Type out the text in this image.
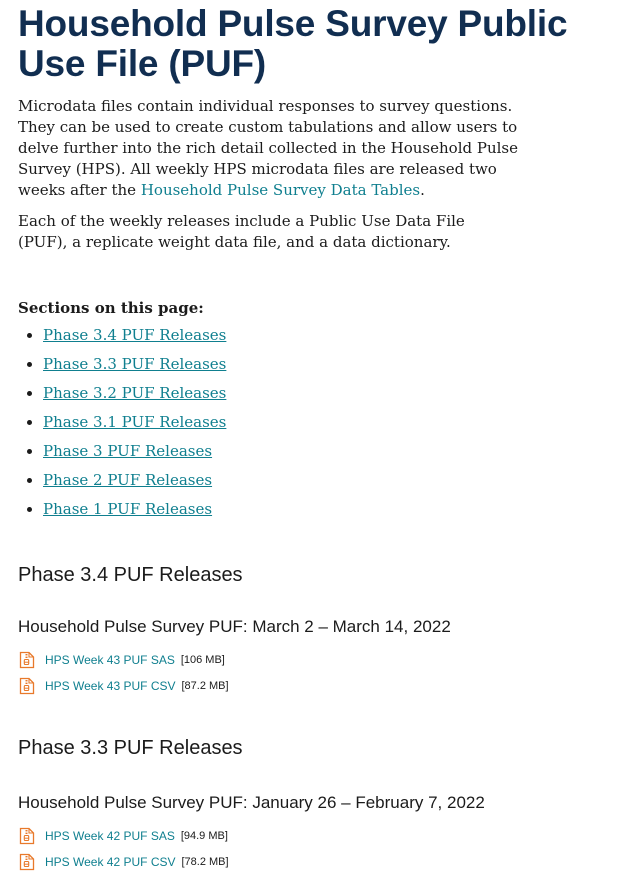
Household Pulse Survey Public Use File (PUF)

Microdata files contain individual responses to survey questions. They can be used to create custom tabulations and allow users to delve further into the rich detail collected in the Household Pulse Survey (HPS). All weekly HPS microdata files are released two weeks after the Household Pulse Survey Data Tables.

Each of the weekly releases include a Public Use Data File (PUF), a replicate weight data file, and a data dictionary.

Sections on this page:
• Phase 3.4 PUF Releases
• Phase 3.3 PUF Releases
• Phase 3.2 PUF Releases
• Phase 3.1 PUF Releases
• Phase 3 PUF Releases
• Phase 2 PUF Releases
• Phase 1 PUF Releases
Phase 3.4 PUF Releases
Household Pulse Survey PUF: March 2 – March 14, 2022
HPS Week 43 PUF SAS [106 MB]
HPS Week 43 PUF CSV [87.2 MB]
Phase 3.3 PUF Releases
Household Pulse Survey PUF: January 26 – February 7, 2022
HPS Week 42 PUF SAS [94.9 MB]
HPS Week 42 PUF CSV [78.2 MB]
